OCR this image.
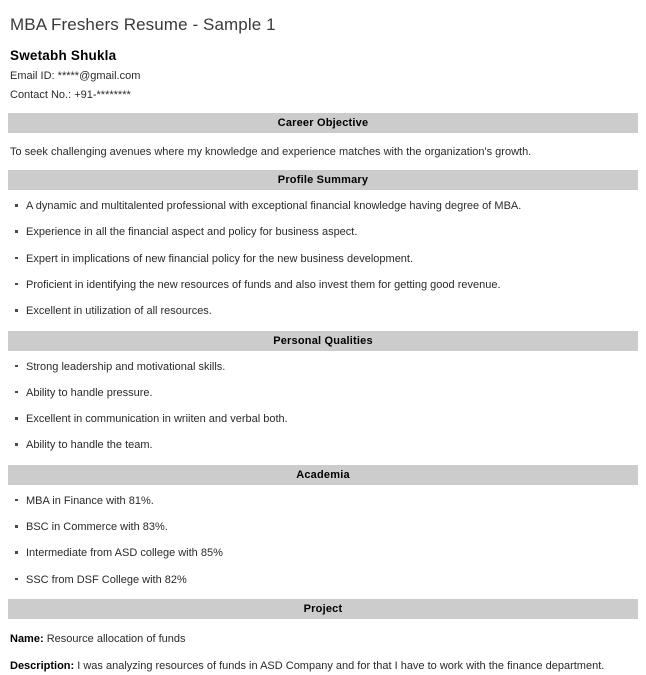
MBA Freshers Resume - Sample 1
Swetabh Shukla
Email ID: *****@gmail.com
Contact No.: +91-********
Career Objective

To seek challenging avenues where my knowledge and experience matches with the organization's growth.

Profile Summary
A dynamic and multitalented professional with exceptional financial knowledge having degree of MBA.
Experience in all the financial aspect and policy for business aspect.
Expert in implications of new financial policy for the new business development.
Proficient in identifying the new resources of funds and also invest them for getting good revenue.
Excellent in utilization of all resources.
Personal Qualities
Strong leadership and motivational skills.
Ability to handle pressure.
Excellent in communication in wriiten and verbal both.
Ability to handle the team.
Academia
MBA in Finance with 81%.
BSC in Commerce with 83%.
Intermediate from ASD college with 85%
SSC from DSF College with 82%
Project

Name: Resource allocation of funds

Description: I was analyzing resources of funds in ASD Company and for that I have to work with the finance department.
